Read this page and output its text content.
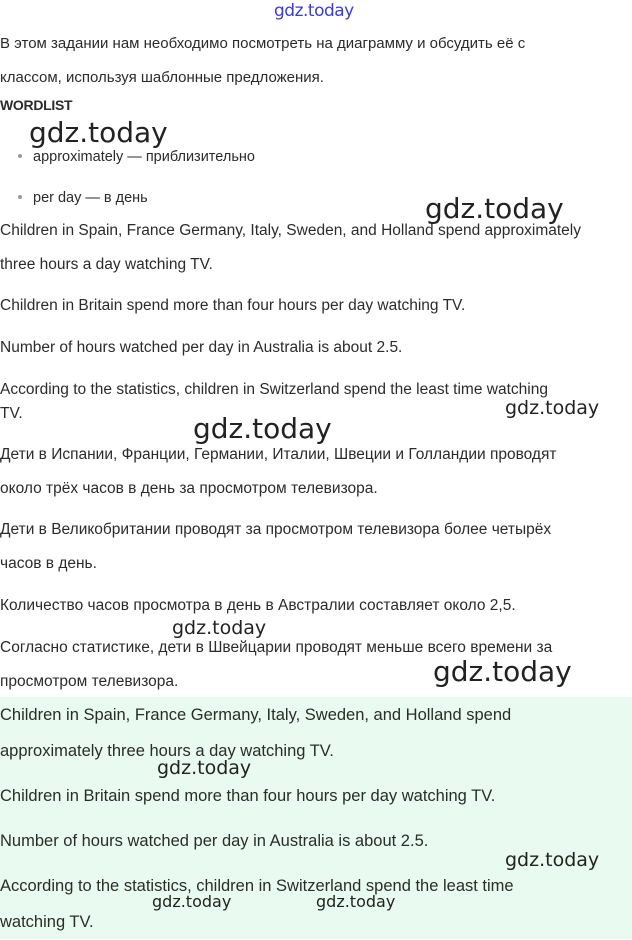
gdz.today
gdz.today
gdz.today
gdz.today
gdz.today
gdz.today
gdz.today
gdz.today
gdz.today
gdz.today	gdz.today
В этом задании нам необходимо посмотреть на диаграмму и обсудить её с
классом, используя шаблонные предложения.
WORDLIST
approximately — приблизительно
per day — в день
Children in Spain, France Germany, Italy, Sweden, and Holland spend approximately
three hours a day watching TV.
Children in Britain spend more than four hours per day watching TV.
Number of hours watched per day in Australia is about 2.5.
According to the statistics, children in Switzerland spend the least time watching
TV.
Дети в Испании, Франции, Германии, Италии, Швеции и Голландии проводят
около трёх часов в день за просмотром телевизора.
Дети в Великобритании проводят за просмотром телевизора более четырёх
часов в день.
Количество часов просмотра в день в Австралии составляет около 2,5.
Согласно статистике, дети в Швейцарии проводят меньше всего времени за
просмотром телевизора.
Children in Spain, France Germany, Italy, Sweden, and Holland spend
approximately three hours a day watching TV.
Children in Britain spend more than four hours per day watching TV.
Number of hours watched per day in Australia is about 2.5.
According to the statistics, children in Switzerland spend the least time
watching TV.
